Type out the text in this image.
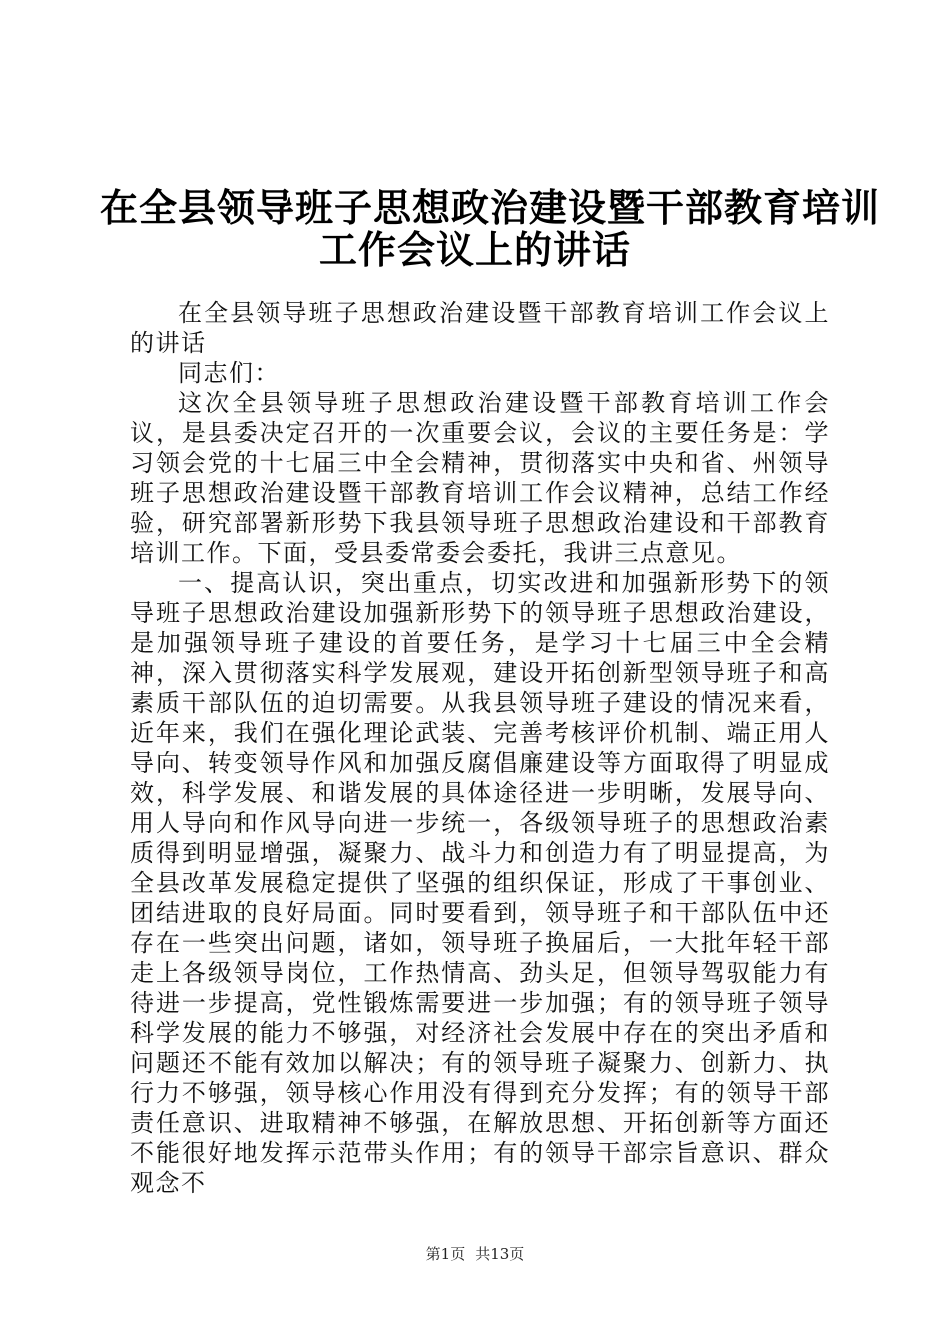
在全县领导班子思想政治建设暨干部教育培训
工作会议上的讲话

在全县领导班子思想政治建设暨干部教育培训工作会议上的讲话

同志们：

这次全县领导班子思想政治建设暨干部教育培训工作会议，是县委决定召开的一次重要会议，会议的主要任务是：学习领会党的十七届三中全会精神，贯彻落实中央和省、州领导班子思想政治建设暨干部教育培训工作会议精神，总结工作经验，研究部署新形势下我县领导班子思想政治建设和干部教育培训工作。下面，受县委常委会委托，我讲三点意见。

一、提高认识，突出重点，切实改进和加强新形势下的领导班子思想政治建设加强新形势下的领导班子思想政治建设，是加强领导班子建设的首要任务，是学习十七届三中全会精神，深入贯彻落实科学发展观，建设开拓创新型领导班子和高素质干部队伍的迫切需要。从我县领导班子建设的情况来看，近年来，我们在强化理论武装、完善考核评价机制、端正用人导向、转变领导作风和加强反腐倡廉建设等方面取得了明显成效，科学发展、和谐发展的具体途径进一步明晰，发展导向、用人导向和作风导向进一步统一，各级领导班子的思想政治素质得到明显增强，凝聚力、战斗力和创造力有了明显提高，为全县改革发展稳定提供了坚强的组织保证，形成了干事创业、团结进取的良好局面。同时要看到，领导班子和干部队伍中还存在一些突出问题，诸如，领导班子换届后，一大批年轻干部走上各级领导岗位，工作热情高、劲头足，但领导驾驭能力有待进一步提高，党性锻炼需要进一步加强；有的领导班子领导科学发展的能力不够强，对经济社会发展中存在的突出矛盾和问题还不能有效加以解决；有的领导班子凝聚力、创新力、执行力不够强，领导核心作用没有得到充分发挥；有的领导干部责任意识、进取精神不够强，在解放思想、开拓创新等方面还不能很好地发挥示范带头作用；有的领导干部宗旨意识、群众观念不

第1页 共13页
